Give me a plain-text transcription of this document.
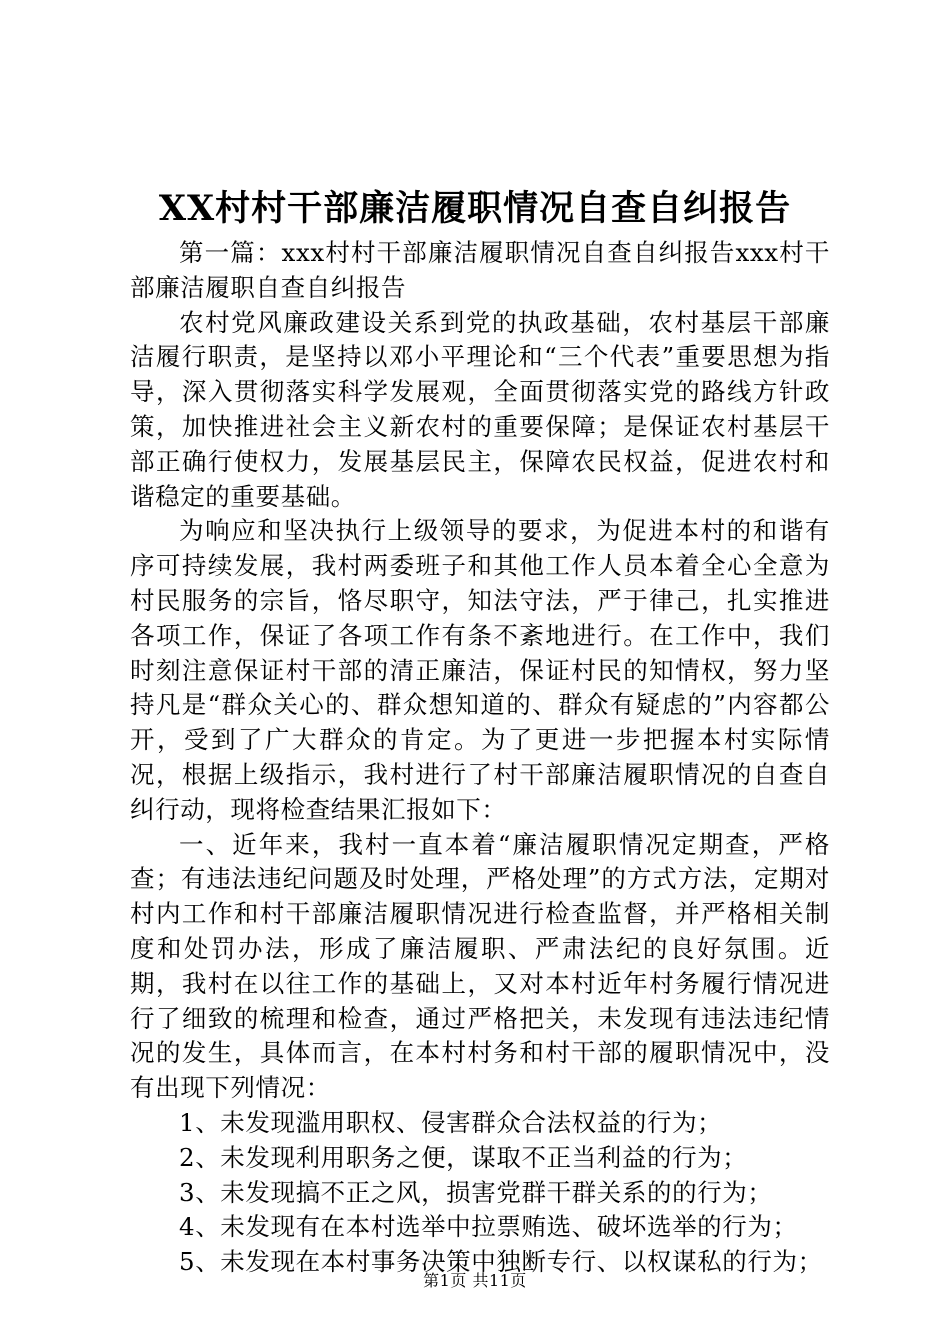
XX村村干部廉洁履职情况自查自纠报告

第一篇：xxx村村干部廉洁履职情况自查自纠报告xxx村干部廉洁履职自查自纠报告

农村党风廉政建设关系到党的执政基础，农村基层干部廉洁履行职责，是坚持以邓小平理论和“三个代表”重要思想为指导，深入贯彻落实科学发展观，全面贯彻落实党的路线方针政策，加快推进社会主义新农村的重要保障；是保证农村基层干部正确行使权力，发展基层民主，保障农民权益，促进农村和谐稳定的重要基础。

为响应和坚决执行上级领导的要求，为促进本村的和谐有序可持续发展，我村两委班子和其他工作人员本着全心全意为村民服务的宗旨，恪尽职守，知法守法，严于律己，扎实推进各项工作，保证了各项工作有条不紊地进行。在工作中，我们时刻注意保证村干部的清正廉洁，保证村民的知情权，努力坚持凡是“群众关心的、群众想知道的、群众有疑虑的”内容都公开，受到了广大群众的肯定。为了更进一步把握本村实际情况，根据上级指示，我村进行了村干部廉洁履职情况的自查自纠行动，现将检查结果汇报如下：

一、近年来，我村一直本着“廉洁履职情况定期查，严格查；有违法违纪问题及时处理，严格处理”的方式方法，定期对村内工作和村干部廉洁履职情况进行检查监督，并严格相关制度和处罚办法，形成了廉洁履职、严肃法纪的良好氛围。近期，我村在以往工作的基础上，又对本村近年村务履行情况进行了细致的梳理和检查，通过严格把关，未发现有违法违纪情况的发生，具体而言，在本村村务和村干部的履职情况中，没有出现下列情况：

1、未发现滥用职权、侵害群众合法权益的行为；

2、未发现利用职务之便，谋取不正当利益的行为；

3、未发现搞不正之风，损害党群干群关系的的行为；

4、未发现有在本村选举中拉票贿选、破坏选举的行为；

5、未发现在本村事务决策中独断专行、以权谋私的行为；

第1页 共11页
